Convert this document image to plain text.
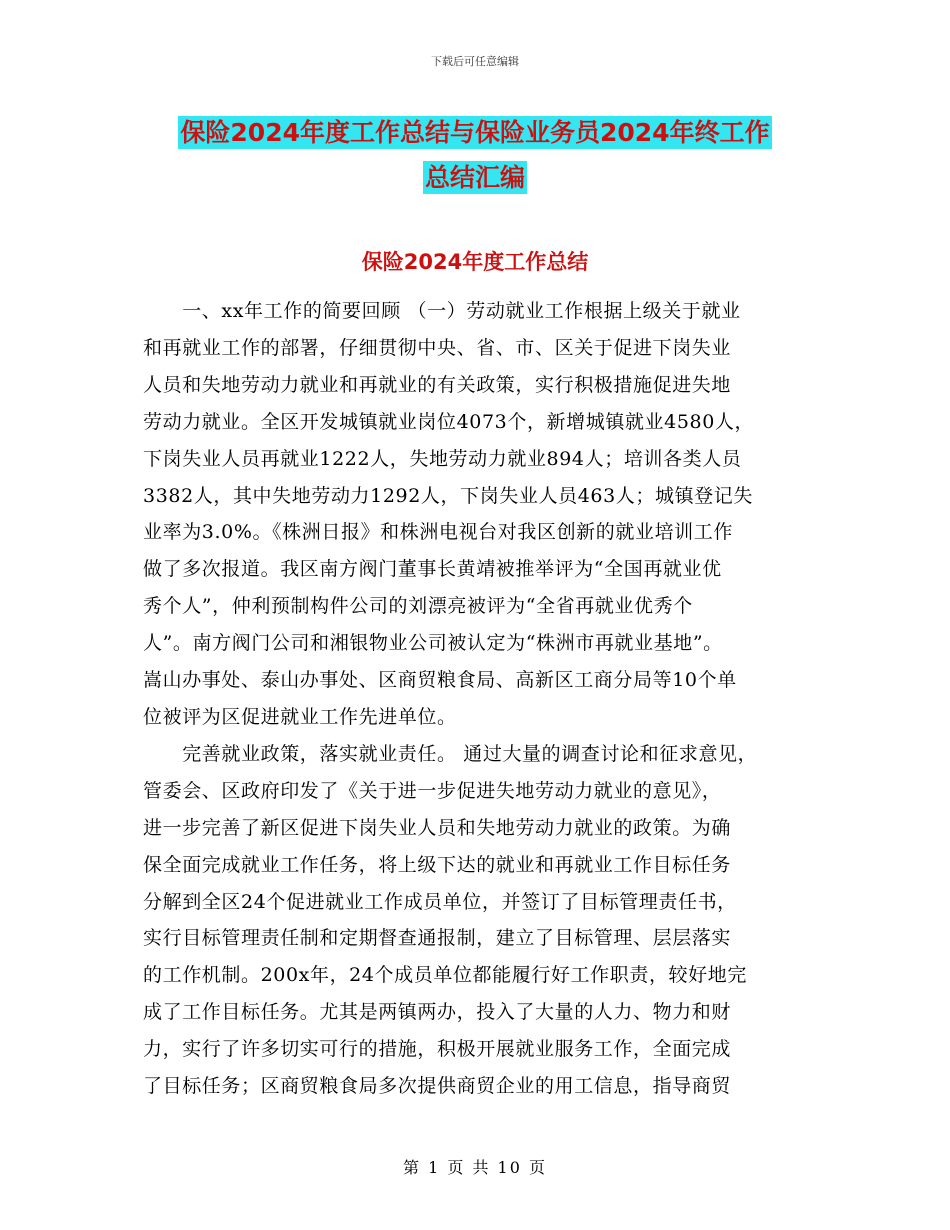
下载后可任意编辑
保险2024年度工作总结与保险业务员2024年终工作
总结汇编
保险2024年度工作总结
　　一、xx年工作的简要回顾 （一）劳动就业工作根据上级关于就业
和再就业工作的部署，仔细贯彻中央、省、市、区关于促进下岗失业
人员和失地劳动力就业和再就业的有关政策，实行积极措施促进失地
劳动力就业。全区开发城镇就业岗位4073个，新增城镇就业4580人，
下岗失业人员再就业1222人，失地劳动力就业894人；培训各类人员
3382人，其中失地劳动力1292人，下岗失业人员463人；城镇登记失
业率为3.0%。《株洲日报》和株洲电视台对我区创新的就业培训工作
做了多次报道。我区南方阀门董事长黄靖被推举评为“全国再就业优
秀个人”，仲利预制构件公司的刘漂亮被评为“全省再就业优秀个
人”。南方阀门公司和湘银物业公司被认定为“株洲市再就业基地”。
嵩山办事处、泰山办事处、区商贸粮食局、高新区工商分局等10个单
位被评为区促进就业工作先进单位。
　　完善就业政策，落实就业责任。 通过大量的调查讨论和征求意见，
管委会、区政府印发了《关于进一步促进失地劳动力就业的意见》，
进一步完善了新区促进下岗失业人员和失地劳动力就业的政策。为确
保全面完成就业工作任务，将上级下达的就业和再就业工作目标任务
分解到全区24个促进就业工作成员单位，并签订了目标管理责任书，
实行目标管理责任制和定期督查通报制，建立了目标管理、层层落实
的工作机制。200x年，24个成员单位都能履行好工作职责，较好地完
成了工作目标任务。尤其是两镇两办，投入了大量的人力、物力和财
力，实行了许多切实可行的措施，积极开展就业服务工作，全面完成
了目标任务；区商贸粮食局多次提供商贸企业的用工信息，指导商贸
第 1 页 共 10 页
